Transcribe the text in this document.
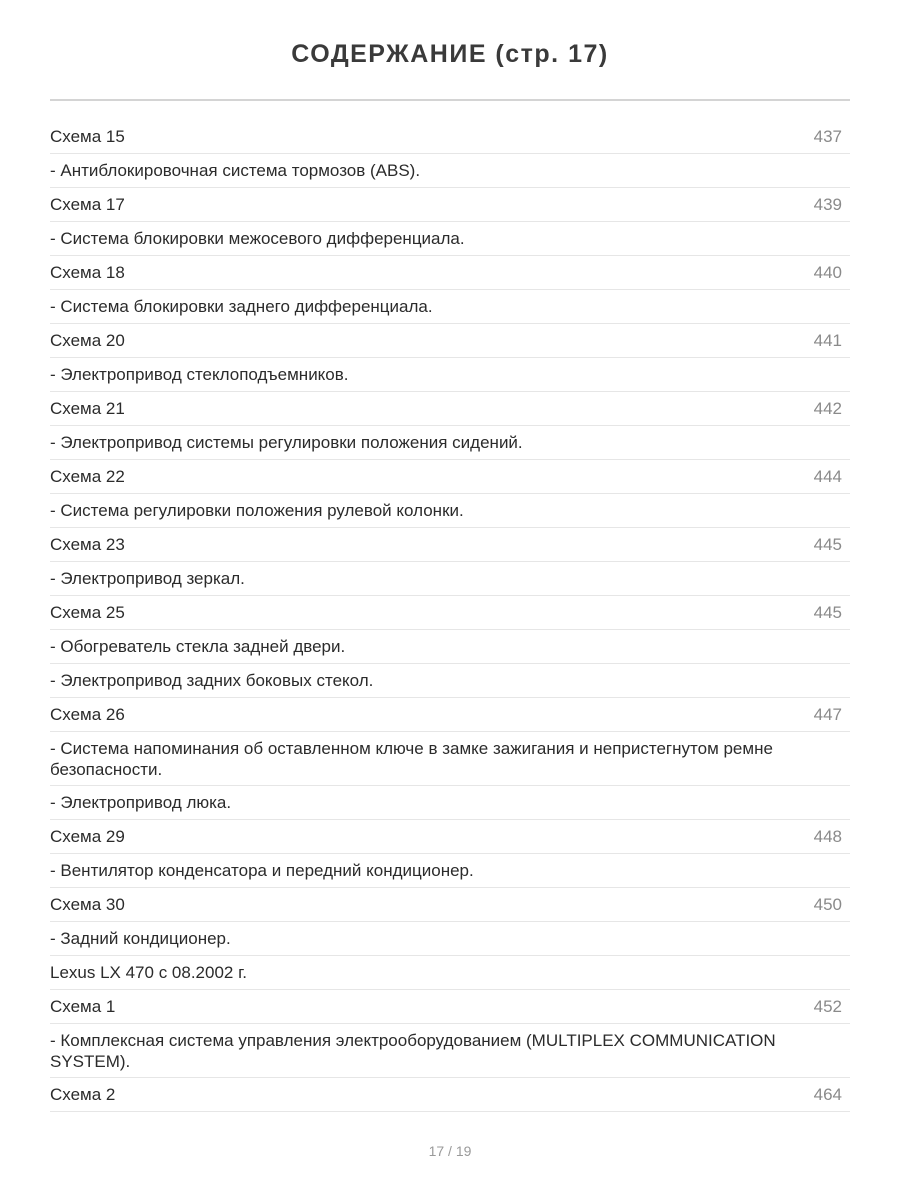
СОДЕРЖАНИЕ (стр. 17)
Схема 15	437
- Антиблокировочная система тормозов (ABS).
Схема 17	439
- Система блокировки межосевого дифференциала.
Схема 18	440
- Система блокировки заднего дифференциала.
Схема 20	441
- Электропривод стеклоподъемников.
Схема 21	442
- Электропривод системы регулировки положения сидений.
Схема 22	444
- Система регулировки положения рулевой колонки.
Схема 23	445
- Электропривод зеркал.
Схема 25	445
- Обогреватель стекла задней двери.
- Электропривод задних боковых стекол.
Схема 26	447
- Система напоминания об оставленном ключе в замке зажигания и непристегнутом ремне безопасности.
- Электропривод люка.
Схема 29	448
- Вентилятор конденсатора и передний кондиционер.
Схема 30	450
- Задний кондиционер.
Lexus LX 470 с 08.2002 г.
Схема 1	452
- Комплексная система управления электрооборудованием (MULTIPLEX COMMUNICATION SYSTEM).
Схема 2	464
17 / 19
